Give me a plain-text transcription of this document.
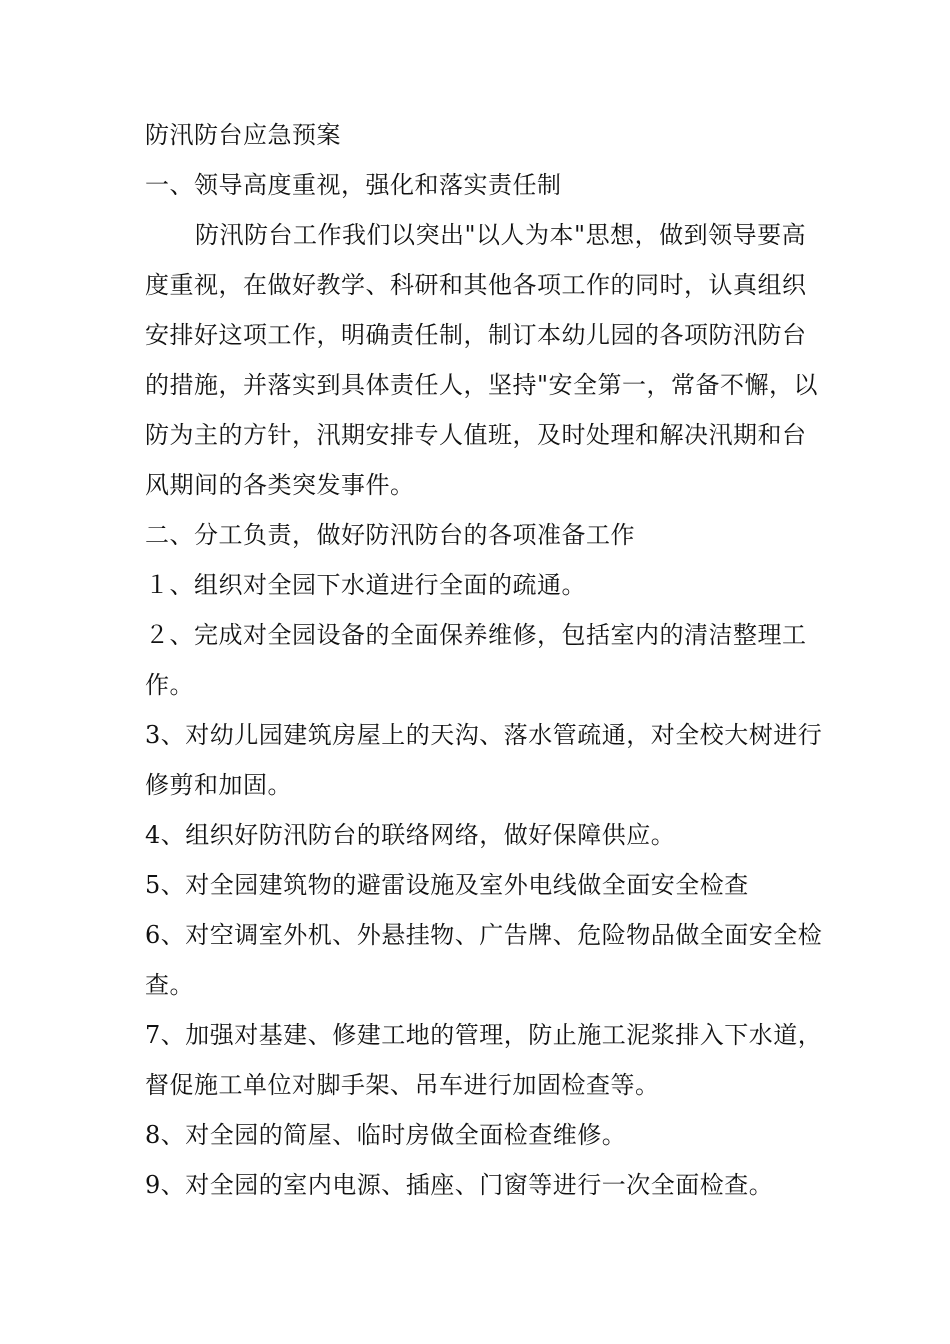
防汛防台应急预案

一、领导高度重视，强化和落实责任制

防汛防台工作我们以突出"以人为本"思想，做到领导要高度重视，在做好教学、科研和其他各项工作的同时，认真组织安排好这项工作，明确责任制，制订本幼儿园的各项防汛防台的措施，并落实到具体责任人，坚持"安全第一，常备不懈，以防为主的方针，汛期安排专人值班，及时处理和解决汛期和台风期间的各类突发事件。

二、分工负责，做好防汛防台的各项准备工作

１、组织对全园下水道进行全面的疏通。

２、完成对全园设备的全面保养维修，包括室内的清洁整理工作。

3、对幼儿园建筑房屋上的天沟、落水管疏通，对全校大树进行修剪和加固。

4、组织好防汛防台的联络网络，做好保障供应。

5、对全园建筑物的避雷设施及室外电线做全面安全检查

6、对空调室外机、外悬挂物、广告牌、危险物品做全面安全检查。

7、加强对基建、修建工地的管理，防止施工泥浆排入下水道，督促施工单位对脚手架、吊车进行加固检查等。

8、对全园的简屋、临时房做全面检查维修。

9、对全园的室内电源、插座、门窗等进行一次全面检查。
